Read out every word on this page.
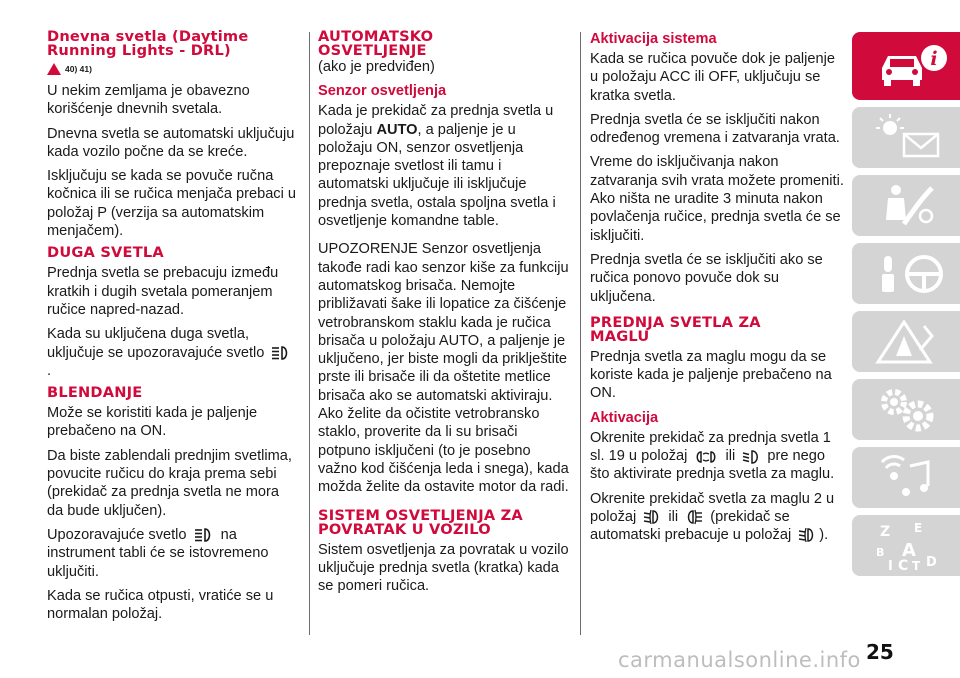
Dnevna svetla (Daytime Running Lights - DRL)
40) 41)

U nekim zemljama je obavezno korišćenje dnevnih svetala.

Dnevna svetla se automatski uključuju kada vozilo počne da se kreće.

Isključuju se kada se povuče ručna kočnica ili se ručica menjača prebaci u položaj P (verzija sa automatskim menjačem).

DUGA SVETLA

Prednja svetla se prebacuju između kratkih i dugih svetala pomeranjem ručice napred-nazad.

Kada su uključena duga svetla, uključuje se upozoravajuće svetlo .

BLENDANJE

Može se koristiti kada je paljenje prebačeno na ON.

Da biste zablendali prednjim svetlima, povucite ručicu do kraja prema sebi (prekidač za prednja svetla ne mora da bude uključen).

Upozoravajuće svetlo na instrument tabli će se istovremeno uključiti.

Kada se ručica otpusti, vratiće se u normalan položaj.

AUTOMATSKO OSVETLJENJE

(ako je predviđen)

Senzor osvetljenja

Kada je prekidač za prednja svetla u položaju AUTO, a paljenje je u položaju ON, senzor osvetljenja prepoznaje svetlost ili tamu i automatski uključuje ili isključuje prednja svetla, ostala spoljna svetla i osvetljenje komandne table.

UPOZORENJE Senzor osvetljenja takođe radi kao senzor kiše za funkciju automatskog brisača. Nemojte približavati šake ili lopatice za čišćenje vetrobranskom staklu kada je ručica brisača u položaju AUTO, a paljenje je uključeno, jer biste mogli da priklještite prste ili brisače ili da oštetite metlice brisača ako se automatski aktiviraju. Ako želite da očistite vetrobransko staklo, proverite da li su brisači potpuno isključeni (to je posebno važno kod čišćenja leda i snega), kada možda želite da ostavite motor da radi.

SISTEM OSVETLJENJA ZA POVRATAK U VOZILO

Sistem osvetljenja za povratak u vozilo uključuje prednja svetla (kratka) kada se pomeri ručica.

Aktivacija sistema

Kada se ručica povuče dok je paljenje u položaju ACC ili OFF, uključuju se kratka svetla.

Prednja svetla će se isključiti nakon određenog vremena i zatvaranja vrata.

Vreme do isključivanja nakon zatvaranja svih vrata možete promeniti. Ako ništa ne uradite 3 minuta nakon povlačenja ručice, prednja svetla će se isključiti.

Prednja svetla će se isključiti ako se ručica ponovo povuče dok su uključena.

PREDNJA SVETLA ZA MAGLU

Prednja svetla za maglu mogu da se koriste kada je paljenje prebačeno na ON.

Aktivacija

Okrenite prekidač za prednja svetla 1 sl. 19 u položaj	ili pre nego što aktivirate prednja svetla za maglu.

Okrenite prekidač svetla za maglu 2 u položaj ili (prekidač se automatski prebacuje u položaj ).

i
Z E
B A
I C T D
25
carmanualsonline.info
